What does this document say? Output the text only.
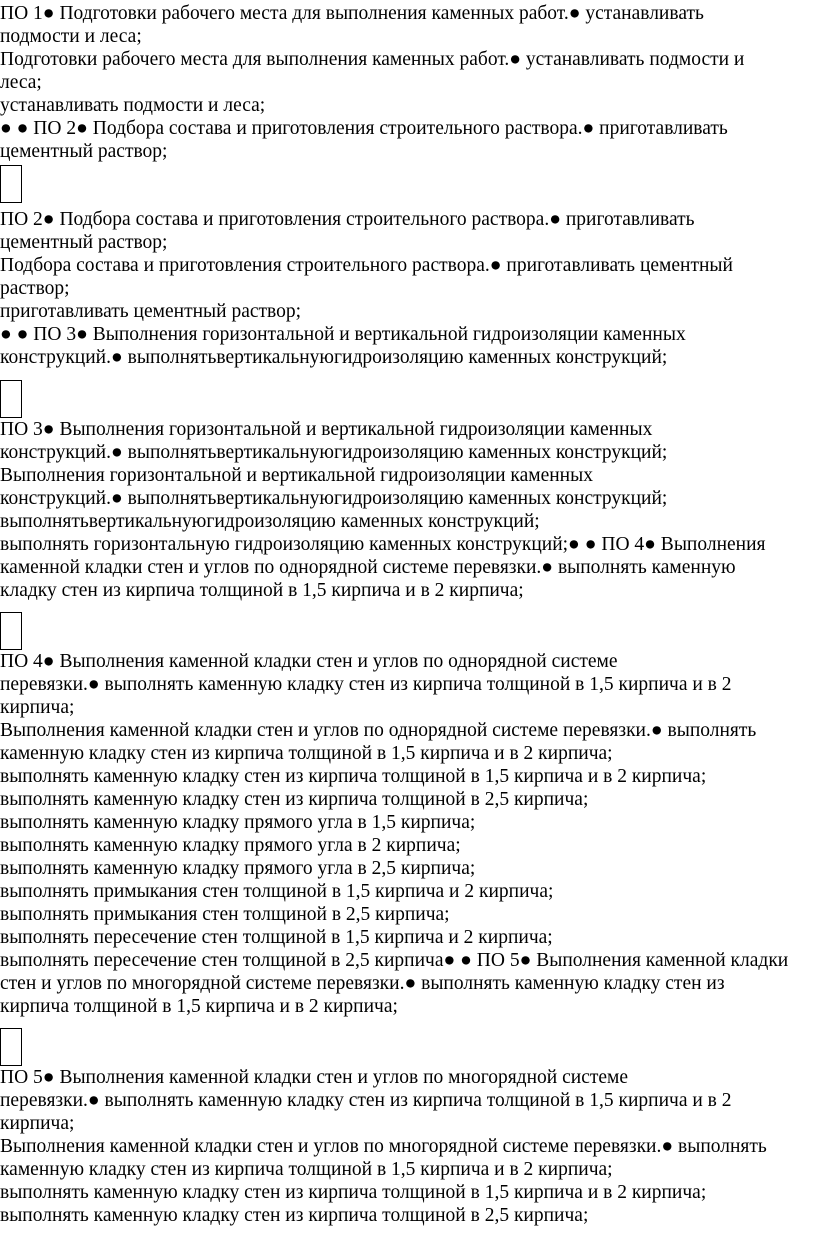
ПО 1● Подготовки рабочего места для выполнения каменных работ.● устанавливать
подмости и леса;
Подготовки рабочего места для выполнения каменных работ.● устанавливать подмости и
леса;
устанавливать подмости и леса;
● ● ПО 2● Подбора состава и приготовления строительного раствора.● приготавливать
цементный раствор;
ПО 2● Подбора состава и приготовления строительного раствора.● приготавливать
цементный раствор;
Подбора состава и приготовления строительного раствора.● приготавливать цементный
раствор;
приготавливать цементный раствор;
● ● ПО 3● Выполнения горизонтальной и вертикальной гидроизоляции каменных
конструкций.● выполнятьвертикальнуюгидроизоляцию каменных конструкций;
ПО 3● Выполнения горизонтальной и вертикальной гидроизоляции каменных
конструкций.● выполнятьвертикальнуюгидроизоляцию каменных конструкций;
Выполнения горизонтальной и вертикальной гидроизоляции каменных
конструкций.● выполнятьвертикальнуюгидроизоляцию каменных конструкций;
выполнятьвертикальнуюгидроизоляцию каменных конструкций;
выполнять горизонтальную гидроизоляцию каменных конструкций;● ● ПО 4● Выполнения
каменной кладки стен и углов по однорядной системе перевязки.● выполнять каменную
кладку стен из кирпича толщиной в 1,5 кирпича и в 2 кирпича;
ПО 4● Выполнения каменной кладки стен и углов по однорядной системе
перевязки.● выполнять каменную кладку стен из кирпича толщиной в 1,5 кирпича и в 2
кирпича;
Выполнения каменной кладки стен и углов по однорядной системе перевязки.● выполнять
каменную кладку стен из кирпича толщиной в 1,5 кирпича и в 2 кирпича;
выполнять каменную кладку стен из кирпича толщиной в 1,5 кирпича и в 2 кирпича;
выполнять каменную кладку стен из кирпича толщиной в 2,5 кирпича;
выполнять каменную кладку прямого угла в 1,5 кирпича;
выполнять каменную кладку прямого угла в 2 кирпича;
выполнять каменную кладку прямого угла в 2,5 кирпича;
выполнять примыкания стен толщиной в 1,5 кирпича и 2 кирпича;
выполнять примыкания стен толщиной в 2,5 кирпича;
выполнять пересечение стен толщиной в 1,5 кирпича и 2 кирпича;
выполнять пересечение стен толщиной в 2,5 кирпича● ● ПО 5● Выполнения каменной кладки
стен и углов по многорядной системе перевязки.● выполнять каменную кладку стен из
кирпича толщиной в 1,5 кирпича и в 2 кирпича;
ПО 5● Выполнения каменной кладки стен и углов по многорядной системе
перевязки.● выполнять каменную кладку стен из кирпича толщиной в 1,5 кирпича и в 2
кирпича;
Выполнения каменной кладки стен и углов по многорядной системе перевязки.● выполнять
каменную кладку стен из кирпича толщиной в 1,5 кирпича и в 2 кирпича;
выполнять каменную кладку стен из кирпича толщиной в 1,5 кирпича и в 2 кирпича;
выполнять каменную кладку стен из кирпича толщиной в 2,5 кирпича;
